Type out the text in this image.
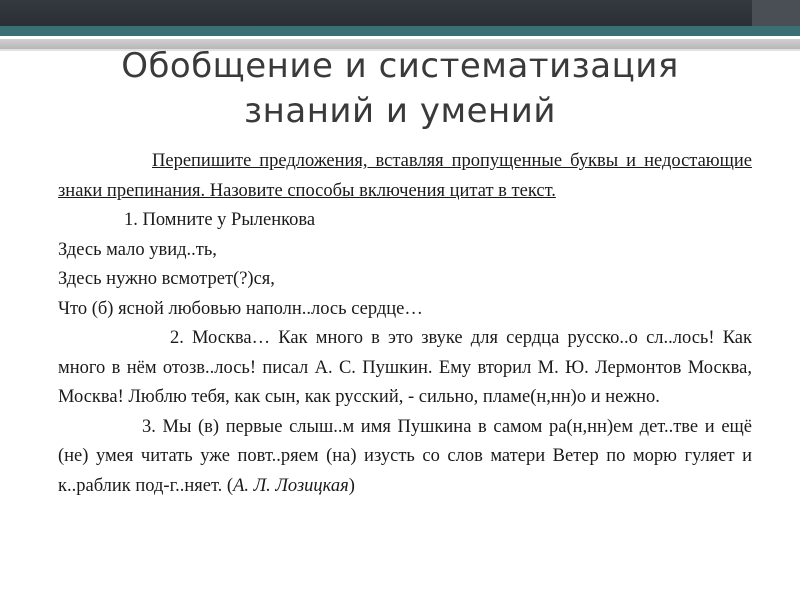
Обобщение и систематизация
знаний и умений

Перепишите предложения, вставляя пропущенные буквы и недостающие знаки препинания. Назовите способы включения цитат в текст.

1. Помните у Рыленкова

Здесь мало увид..ть,

Здесь нужно всмотрет(?)ся,

Что (б) ясной любовью наполн..лось сердце…

2. Москва… Как много в это звуке для сердца русско..о сл..лось! Как много в нём отозв..лось! писал А. С. Пушкин. Ему вторил М. Ю. Лермонтов Москва, Москва! Люблю тебя, как сын, как русский, - сильно, пламе(н,нн)о и нежно.

3. Мы (в) первые слыш..м имя Пушкина в самом ра(н,нн)ем дет..тве и ещё (не) умея читать уже повт..ряем (на) изусть со слов матери Ветер по морю гуляет и к..раблик под-г..няет. (А. Л. Лозицкая)
